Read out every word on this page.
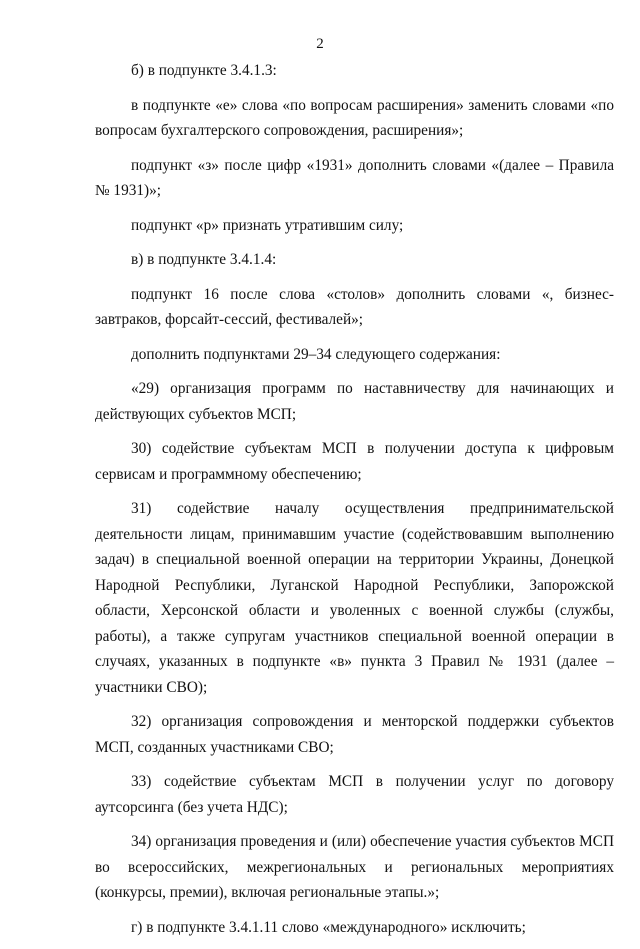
2

б) в подпункте 3.4.1.3:

в подпункте «е» слова «по вопросам расширения» заменить словами «по вопросам бухгалтерского сопровождения, расширения»;

подпункт «з» после цифр «1931» дополнить словами «(далее – Правила № 1931)»;

подпункт «р» признать утратившим силу;

в) в подпункте 3.4.1.4:

подпункт 16 после слова «столов» дополнить словами «, бизнес-завтраков, форсайт-сессий, фестивалей»;

дополнить подпунктами 29–34 следующего содержания:

«29) организация программ по наставничеству для начинающих и действующих субъектов МСП;

30) содействие субъектам МСП в получении доступа к цифровым сервисам и программному обеспечению;

31) содействие началу осуществления предпринимательской деятельности лицам, принимавшим участие (содействовавшим выполнению задач) в специальной военной операции на территории Украины, Донецкой Народной Республики, Луганской Народной Республики, Запорожской области, Херсонской области и уволенных с военной службы (службы, работы), а также супругам участников специальной военной операции в случаях, указанных в подпункте «в» пункта 3 Правил № 1931 (далее – участники СВО);

32) организация сопровождения и менторской поддержки субъектов МСП, созданных участниками СВО;

33) содействие субъектам МСП в получении услуг по договору аутсорсинга (без учета НДС);

34) организация проведения и (или) обеспечение участия субъектов МСП во всероссийских, межрегиональных и региональных мероприятиях (конкурсы, премии), включая региональные этапы.»;

г) в подпункте 3.4.1.11 слово «международного» исключить;
